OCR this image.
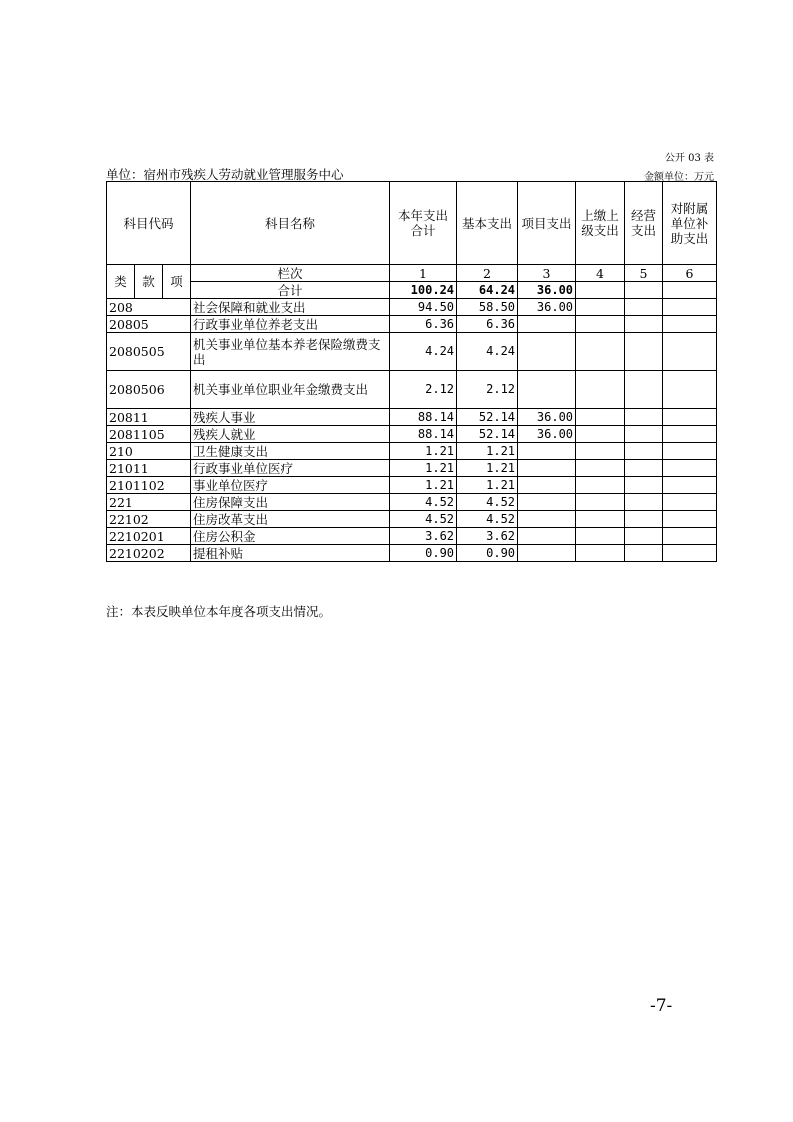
公开 03 表
单位：宿州市残疾人劳动就业管理服务中心	金额单位：万元
科目代码			科目名称	本年支出合计	基本支出	项目支出	上缴上级支出	经营支出	对附属单位补助支出
类	款	项	栏次	1	2	3	4	5	6
			合计	100.24	64.24	36.00			
208			社会保障和就业支出	94.50	58.50	36.00			
20805			行政事业单位养老支出	6.36	6.36				
2080505			机关事业单位基本养老保险缴费支出	4.24	4.24				
2080506			机关事业单位职业年金缴费支出	2.12	2.12				
20811			残疾人事业	88.14	52.14	36.00			
2081105			残疾人就业	88.14	52.14	36.00			
210			卫生健康支出	1.21	1.21				
21011			行政事业单位医疗	1.21	1.21				
2101102			事业单位医疗	1.21	1.21				
221			住房保障支出	4.52	4.52				
22102			住房改革支出	4.52	4.52				
2210201			住房公积金	3.62	3.62				
2210202			提租补贴	0.90	0.90				
注：本表反映单位本年度各项支出情况。
-7-
